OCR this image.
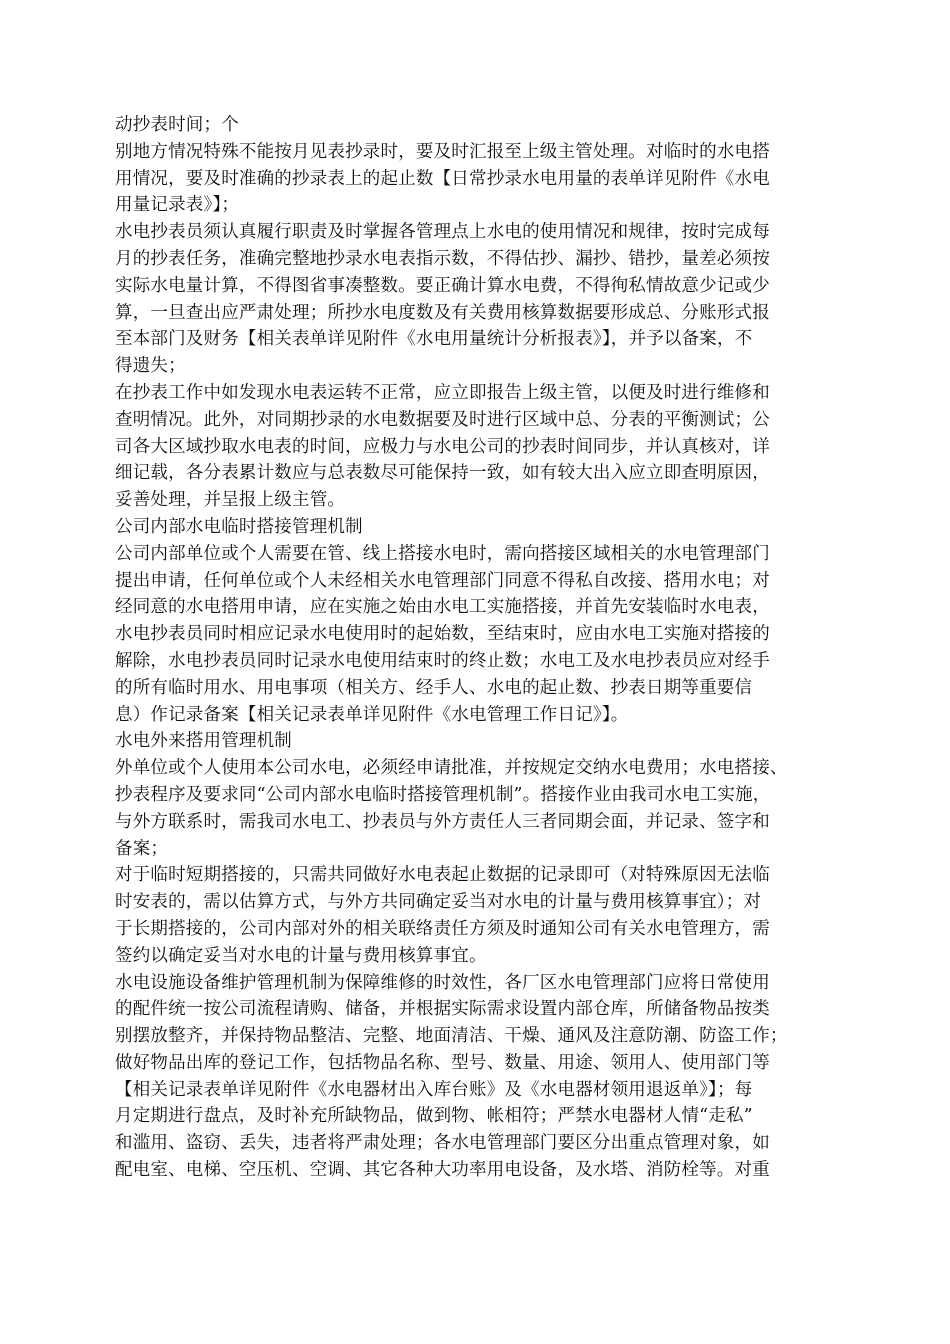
动抄表时间；个
别地方情况特殊不能按月见表抄录时，要及时汇报至上级主管处理。对临时的水电搭
用情况，要及时准确的抄录表上的起止数【日常抄录水电用量的表单详见附件《水电
用量记录表》】；
水电抄表员须认真履行职责及时掌握各管理点上水电的使用情况和规律，按时完成每
月的抄表任务，准确完整地抄录水电表指示数，不得估抄、漏抄、错抄，量差必须按
实际水电量计算，不得图省事凑整数。要正确计算水电费，不得徇私情故意少记或少
算，一旦查出应严肃处理；所抄水电度数及有关费用核算数据要形成总、分账形式报
至本部门及财务【相关表单详见附件《水电用量统计分析报表》】，并予以备案，不
得遗失；
在抄表工作中如发现水电表运转不正常，应立即报告上级主管，以便及时进行维修和
查明情况。此外，对同期抄录的水电数据要及时进行区域中总、分表的平衡测试；公
司各大区域抄取水电表的时间，应极力与水电公司的抄表时间同步，并认真核对，详
细记载，各分表累计数应与总表数尽可能保持一致，如有较大出入应立即查明原因，
妥善处理，并呈报上级主管。
公司内部水电临时搭接管理机制
公司内部单位或个人需要在管、线上搭接水电时，需向搭接区域相关的水电管理部门
提出申请，任何单位或个人未经相关水电管理部门同意不得私自改接、搭用水电；对
经同意的水电搭用申请，应在实施之始由水电工实施搭接，并首先安装临时水电表，
水电抄表员同时相应记录水电使用时的起始数，至结束时，应由水电工实施对搭接的
解除，水电抄表员同时记录水电使用结束时的终止数；水电工及水电抄表员应对经手
的所有临时用水、用电事项（相关方、经手人、水电的起止数、抄表日期等重要信
息）作记录备案【相关记录表单详见附件《水电管理工作日记》】。
水电外来搭用管理机制
外单位或个人使用本公司水电，必须经申请批准，并按规定交纳水电费用；水电搭接、
抄表程序及要求同“公司内部水电临时搭接管理机制”。搭接作业由我司水电工实施，
与外方联系时，需我司水电工、抄表员与外方责任人三者同期会面，并记录、签字和
备案；
对于临时短期搭接的，只需共同做好水电表起止数据的记录即可（对特殊原因无法临
时安表的，需以估算方式，与外方共同确定妥当对水电的计量与费用核算事宜）；对
于长期搭接的，公司内部对外的相关联络责任方须及时通知公司有关水电管理方，需
签约以确定妥当对水电的计量与费用核算事宜。
水电设施设备维护管理机制为保障维修的时效性，各厂区水电管理部门应将日常使用
的配件统一按公司流程请购、储备，并根据实际需求设置内部仓库，所储备物品按类
别摆放整齐，并保持物品整洁、完整、地面清洁、干燥、通风及注意防潮、防盗工作；
做好物品出库的登记工作，包括物品名称、型号、数量、用途、领用人、使用部门等
【相关记录表单详见附件《水电器材出入库台账》及《水电器材领用退返单》】；每
月定期进行盘点，及时补充所缺物品，做到物、帐相符；严禁水电器材人情“走私”
和滥用、盗窃、丢失，违者将严肃处理；各水电管理部门要区分出重点管理对象，如
配电室、电梯、空压机、空调、其它各种大功率用电设备，及水塔、消防栓等。对重
